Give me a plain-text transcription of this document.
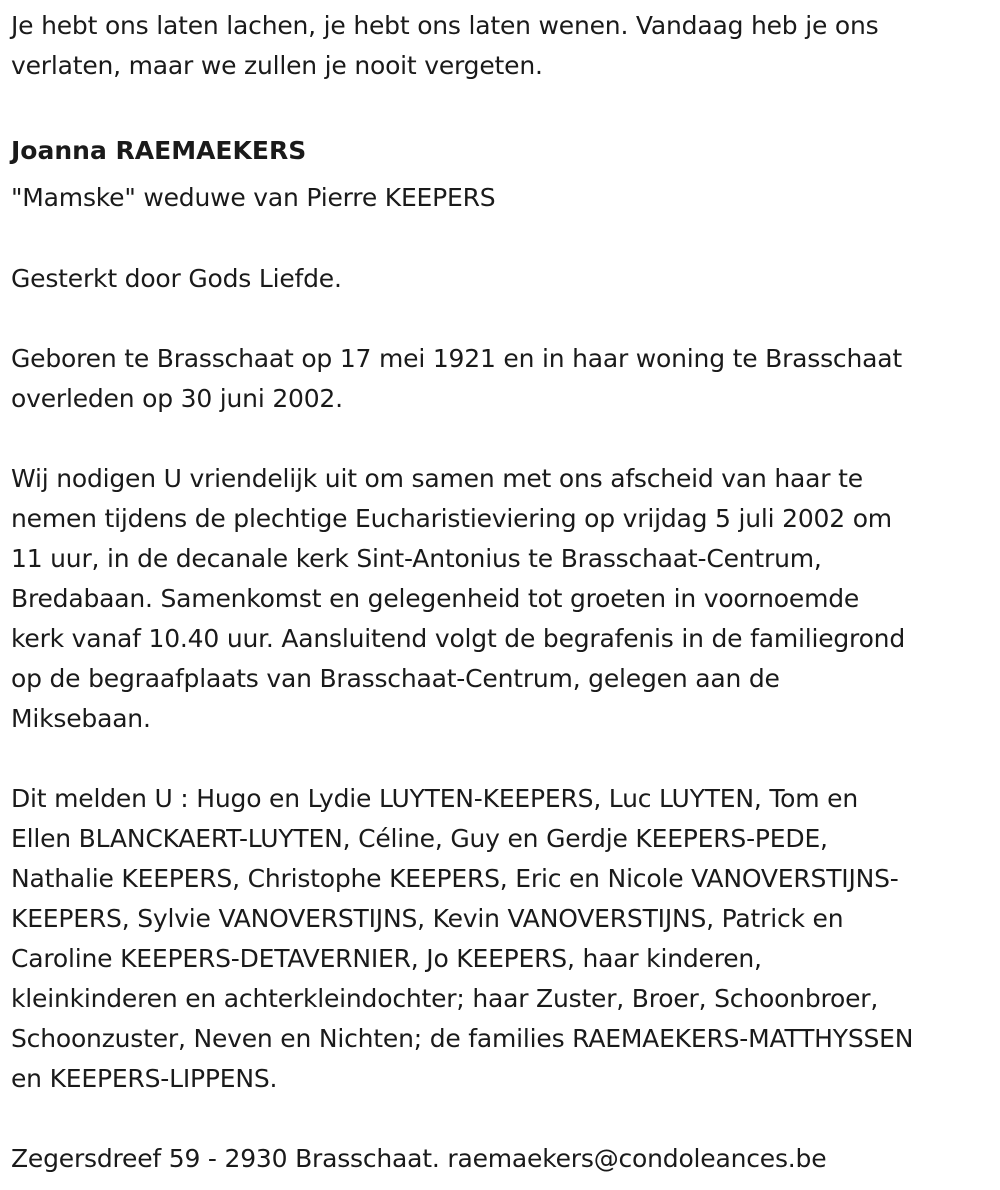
Je hebt ons laten lachen, je hebt ons laten wenen. Vandaag heb je ons
verlaten, maar we zullen je nooit vergeten.
Joanna RAEMAEKERS
"Mamske" weduwe van Pierre KEEPERS
Gesterkt door Gods Liefde.
Geboren te Brasschaat op 17 mei 1921 en in haar woning te Brasschaat
overleden op 30 juni 2002.
Wij nodigen U vriendelijk uit om samen met ons afscheid van haar te
nemen tijdens de plechtige Eucharistieviering op vrijdag 5 juli 2002 om
11 uur, in de decanale kerk Sint-Antonius te Brasschaat-Centrum,
Bredabaan. Samenkomst en gelegenheid tot groeten in voornoemde
kerk vanaf 10.40 uur. Aansluitend volgt de begrafenis in de familiegrond
op de begraafplaats van Brasschaat-Centrum, gelegen aan de
Miksebaan.
Dit melden U : Hugo en Lydie LUYTEN-KEEPERS, Luc LUYTEN, Tom en
Ellen BLANCKAERT-LUYTEN, Céline, Guy en Gerdje KEEPERS-PEDE,
Nathalie KEEPERS, Christophe KEEPERS, Eric en Nicole VANOVERSTIJNS-
KEEPERS, Sylvie VANOVERSTIJNS, Kevin VANOVERSTIJNS, Patrick en
Caroline KEEPERS-DETAVERNIER, Jo KEEPERS, haar kinderen,
kleinkinderen en achterkleindochter; haar Zuster, Broer, Schoonbroer,
Schoonzuster, Neven en Nichten; de families RAEMAEKERS-MATTHYSSEN
en KEEPERS-LIPPENS.
Zegersdreef 59 - 2930 Brasschaat. raemaekers@condoleances.be
